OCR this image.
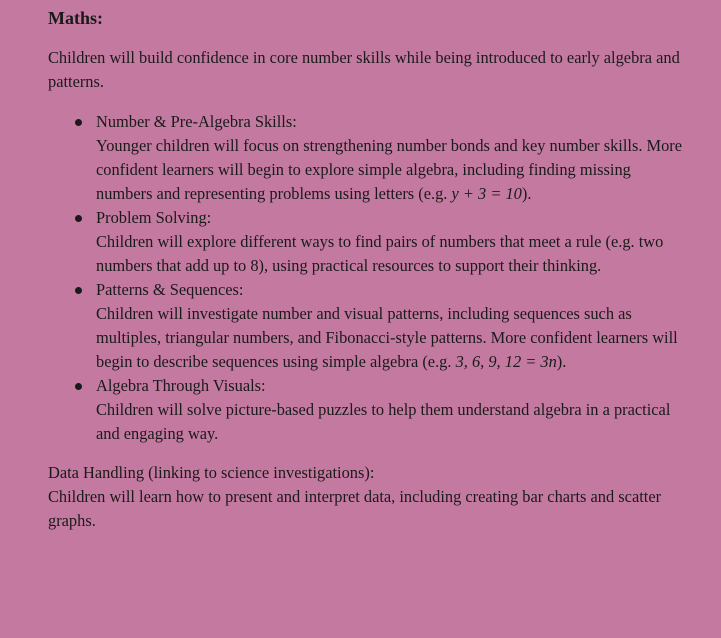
Maths:

Children will build confidence in core number skills while being introduced to early algebra and patterns.

Number & Pre-Algebra Skills:
Younger children will focus on strengthening number bonds and key number skills. More confident learners will begin to explore simple algebra, including finding missing numbers and representing problems using letters (e.g. y + 3 = 10).
Problem Solving:
Children will explore different ways to find pairs of numbers that meet a rule (e.g. two numbers that add up to 8), using practical resources to support their thinking.
Patterns & Sequences:
Children will investigate number and visual patterns, including sequences such as multiples, triangular numbers, and Fibonacci-style patterns. More confident learners will begin to describe sequences using simple algebra (e.g. 3, 6, 9, 12 = 3n).
Algebra Through Visuals:
Children will solve picture-based puzzles to help them understand algebra in a practical and engaging way.

Data Handling (linking to science investigations):

Children will learn how to present and interpret data, including creating bar charts and scatter graphs.
